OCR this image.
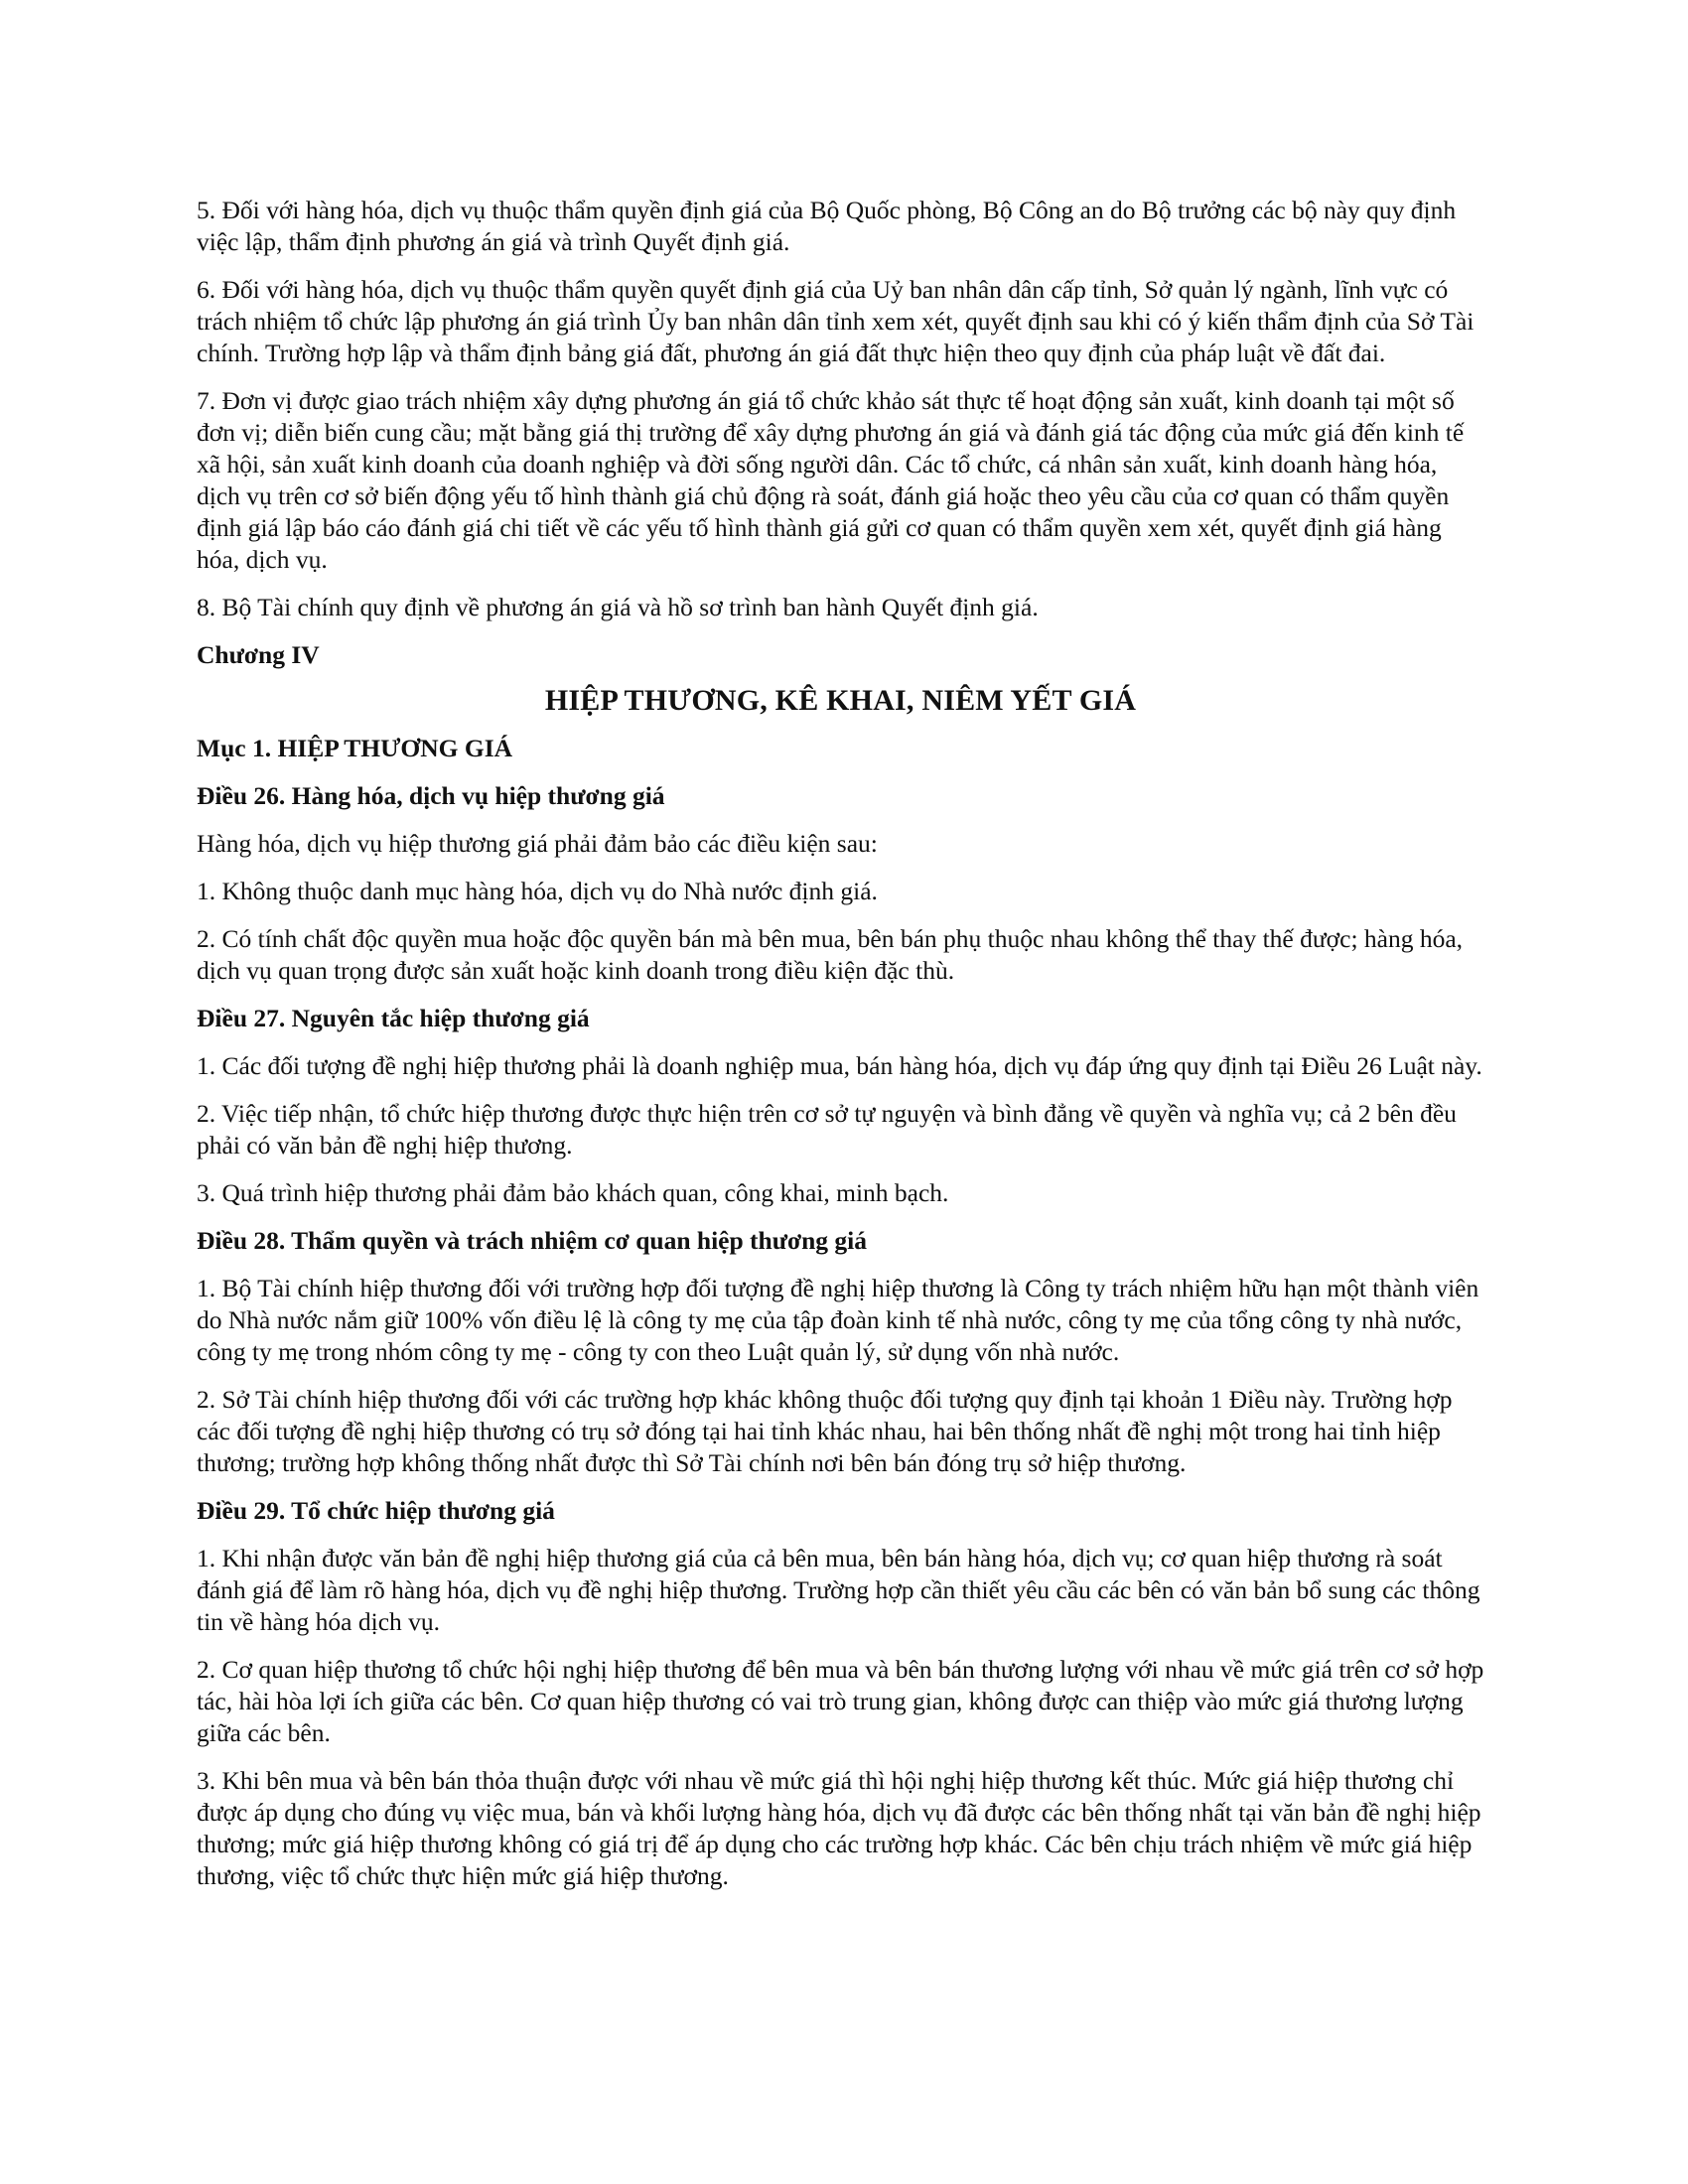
5. Đối với hàng hóa, dịch vụ thuộc thẩm quyền định giá của Bộ Quốc phòng, Bộ Công an do Bộ trưởng các bộ này quy định việc lập, thẩm định phương án giá và trình Quyết định giá.

6. Đối với hàng hóa, dịch vụ thuộc thẩm quyền quyết định giá của Uỷ ban nhân dân cấp tỉnh, Sở quản lý ngành, lĩnh vực có trách nhiệm tổ chức lập phương án giá trình Ủy ban nhân dân tỉnh xem xét, quyết định sau khi có ý kiến thẩm định của Sở Tài chính. Trường hợp lập và thẩm định bảng giá đất, phương án giá đất thực hiện theo quy định của pháp luật về đất đai.

7. Đơn vị được giao trách nhiệm xây dựng phương án giá tổ chức khảo sát thực tế hoạt động sản xuất, kinh doanh tại một số đơn vị; diễn biến cung cầu; mặt bằng giá thị trường để xây dựng phương án giá và đánh giá tác động của mức giá đến kinh tế xã hội, sản xuất kinh doanh của doanh nghiệp và đời sống người dân. Các tổ chức, cá nhân sản xuất, kinh doanh hàng hóa, dịch vụ trên cơ sở biến động yếu tố hình thành giá chủ động rà soát, đánh giá hoặc theo yêu cầu của cơ quan có thẩm quyền định giá lập báo cáo đánh giá chi tiết về các yếu tố hình thành giá gửi cơ quan có thẩm quyền xem xét, quyết định giá hàng hóa, dịch vụ.

8. Bộ Tài chính quy định về phương án giá và hồ sơ trình ban hành Quyết định giá.

Chương IV

HIỆP THƯƠNG, KÊ KHAI, NIÊM YẾT GIÁ

Mục 1. HIỆP THƯƠNG GIÁ

Điều 26. Hàng hóa, dịch vụ hiệp thương giá

Hàng hóa, dịch vụ hiệp thương giá phải đảm bảo các điều kiện sau:

1. Không thuộc danh mục hàng hóa, dịch vụ do Nhà nước định giá.

2. Có tính chất độc quyền mua hoặc độc quyền bán mà bên mua, bên bán phụ thuộc nhau không thể thay thế được; hàng hóa, dịch vụ quan trọng được sản xuất hoặc kinh doanh trong điều kiện đặc thù.

Điều 27. Nguyên tắc hiệp thương giá

1. Các đối tượng đề nghị hiệp thương phải là doanh nghiệp mua, bán hàng hóa, dịch vụ đáp ứng quy định tại Điều 26 Luật này.

2. Việc tiếp nhận, tổ chức hiệp thương được thực hiện trên cơ sở tự nguyện và bình đẳng về quyền và nghĩa vụ; cả 2 bên đều phải có văn bản đề nghị hiệp thương.

3. Quá trình hiệp thương phải đảm bảo khách quan, công khai, minh bạch.

Điều 28. Thẩm quyền và trách nhiệm cơ quan hiệp thương giá

1. Bộ Tài chính hiệp thương đối với trường hợp đối tượng đề nghị hiệp thương là Công ty trách nhiệm hữu hạn một thành viên do Nhà nước nắm giữ 100% vốn điều lệ là công ty mẹ của tập đoàn kinh tế nhà nước, công ty mẹ của tổng công ty nhà nước, công ty mẹ trong nhóm công ty mẹ - công ty con theo Luật quản lý, sử dụng vốn nhà nước.

2. Sở Tài chính hiệp thương đối với các trường hợp khác không thuộc đối tượng quy định tại khoản 1 Điều này. Trường hợp các đối tượng đề nghị hiệp thương có trụ sở đóng tại hai tỉnh khác nhau, hai bên thống nhất đề nghị một trong hai tỉnh hiệp thương; trường hợp không thống nhất được thì Sở Tài chính nơi bên bán đóng trụ sở hiệp thương.

Điều 29. Tổ chức hiệp thương giá

1. Khi nhận được văn bản đề nghị hiệp thương giá của cả bên mua, bên bán hàng hóa, dịch vụ; cơ quan hiệp thương rà soát đánh giá để làm rõ hàng hóa, dịch vụ đề nghị hiệp thương. Trường hợp cần thiết yêu cầu các bên có văn bản bổ sung các thông tin về hàng hóa dịch vụ.

2. Cơ quan hiệp thương tổ chức hội nghị hiệp thương để bên mua và bên bán thương lượng với nhau về mức giá trên cơ sở hợp tác, hài hòa lợi ích giữa các bên. Cơ quan hiệp thương có vai trò trung gian, không được can thiệp vào mức giá thương lượng giữa các bên.

3. Khi bên mua và bên bán thỏa thuận được với nhau về mức giá thì hội nghị hiệp thương kết thúc. Mức giá hiệp thương chỉ được áp dụng cho đúng vụ việc mua, bán và khối lượng hàng hóa, dịch vụ đã được các bên thống nhất tại văn bản đề nghị hiệp thương; mức giá hiệp thương không có giá trị để áp dụng cho các trường hợp khác. Các bên chịu trách nhiệm về mức giá hiệp thương, việc tổ chức thực hiện mức giá hiệp thương.
